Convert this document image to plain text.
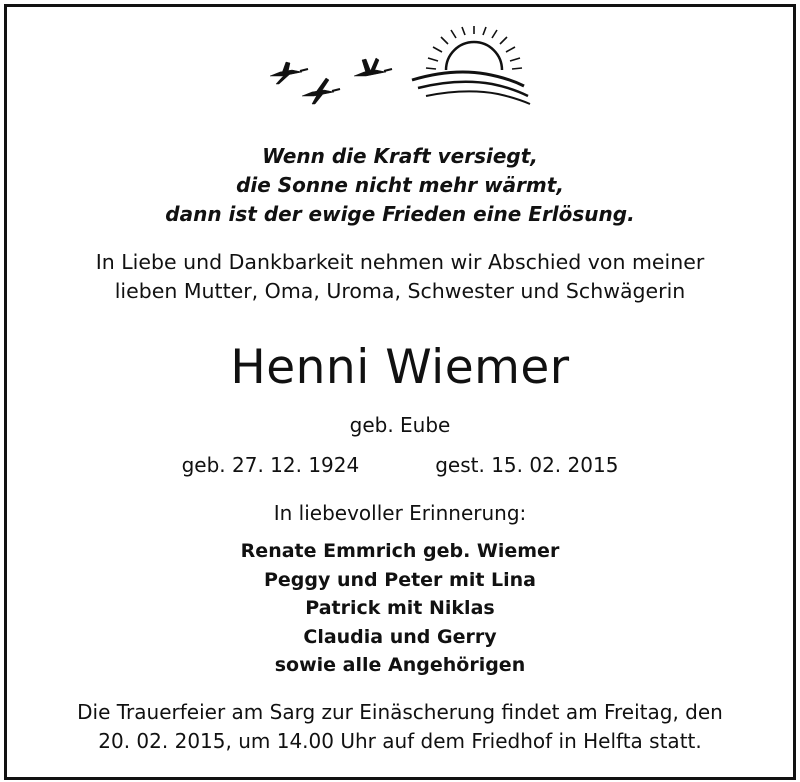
Wenn die Kraft versiegt,
die Sonne nicht mehr wärmt,
dann ist der ewige Frieden eine Erlösung.
In Liebe und Dankbarkeit nehmen wir Abschied von meiner
lieben Mutter, Oma, Uroma, Schwester und Schwägerin
Henni Wiemer
geb. Eube
geb. 27. 12. 1924	gest. 15. 02. 2015
In liebevoller Erinnerung:
Renate Emmrich geb. Wiemer
Peggy und Peter mit Lina
Patrick mit Niklas
Claudia und Gerry
sowie alle Angehörigen
Die Trauerfeier am Sarg zur Einäscherung findet am Freitag, den
20. 02. 2015, um 14.00 Uhr auf dem Friedhof in Helfta statt.
